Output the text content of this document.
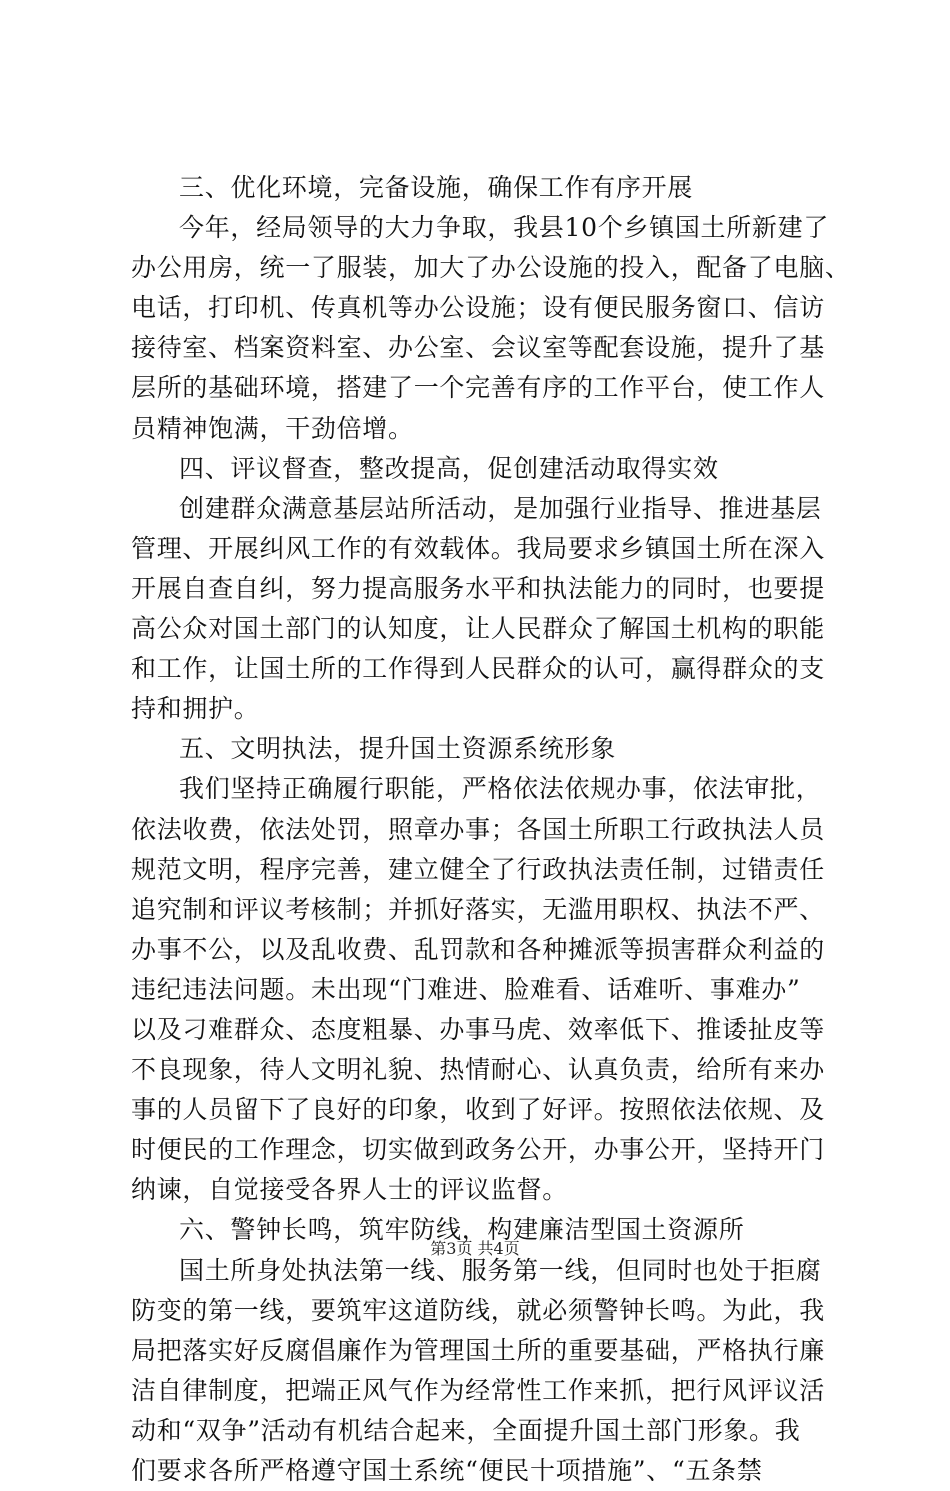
三、优化环境，完备设施，确保工作有序开展
今年，经局领导的大力争取，我县10个乡镇国土所新建了
办公用房，统一了服装，加大了办公设施的投入，配备了电脑、
电话，打印机、传真机等办公设施；设有便民服务窗口、信访
接待室、档案资料室、办公室、会议室等配套设施，提升了基
层所的基础环境，搭建了一个完善有序的工作平台，使工作人
员精神饱满，干劲倍增。
四、评议督查，整改提高，促创建活动取得实效
创建群众满意基层站所活动，是加强行业指导、推进基层
管理、开展纠风工作的有效载体。我局要求乡镇国土所在深入
开展自查自纠，努力提高服务水平和执法能力的同时，也要提
高公众对国土部门的认知度，让人民群众了解国土机构的职能
和工作，让国土所的工作得到人民群众的认可，赢得群众的支
持和拥护。
五、文明执法，提升国土资源系统形象
我们坚持正确履行职能，严格依法依规办事，依法审批，
依法收费，依法处罚，照章办事；各国土所职工行政执法人员
规范文明，程序完善，建立健全了行政执法责任制，过错责任
追究制和评议考核制；并抓好落实，无滥用职权、执法不严、
办事不公，以及乱收费、乱罚款和各种摊派等损害群众利益的
违纪违法问题。未出现“门难进、脸难看、话难听、事难办”
以及刁难群众、态度粗暴、办事马虎、效率低下、推诿扯皮等
不良现象，待人文明礼貌、热情耐心、认真负责，给所有来办
事的人员留下了良好的印象，收到了好评。按照依法依规、及
时便民的工作理念，切实做到政务公开，办事公开，坚持开门
纳谏，自觉接受各界人士的评议监督。
六、警钟长鸣，筑牢防线，构建廉洁型国土资源所
国土所身处执法第一线、服务第一线，但同时也处于拒腐
防变的第一线，要筑牢这道防线，就必须警钟长鸣。为此，我
局把落实好反腐倡廉作为管理国土所的重要基础，严格执行廉
洁自律制度，把端正风气作为经常性工作来抓，把行风评议活
动和“双争”活动有机结合起来，全面提升国土部门形象。我
们要求各所严格遵守国土系统“便民十项措施”、“五条禁
第3页 共4页
